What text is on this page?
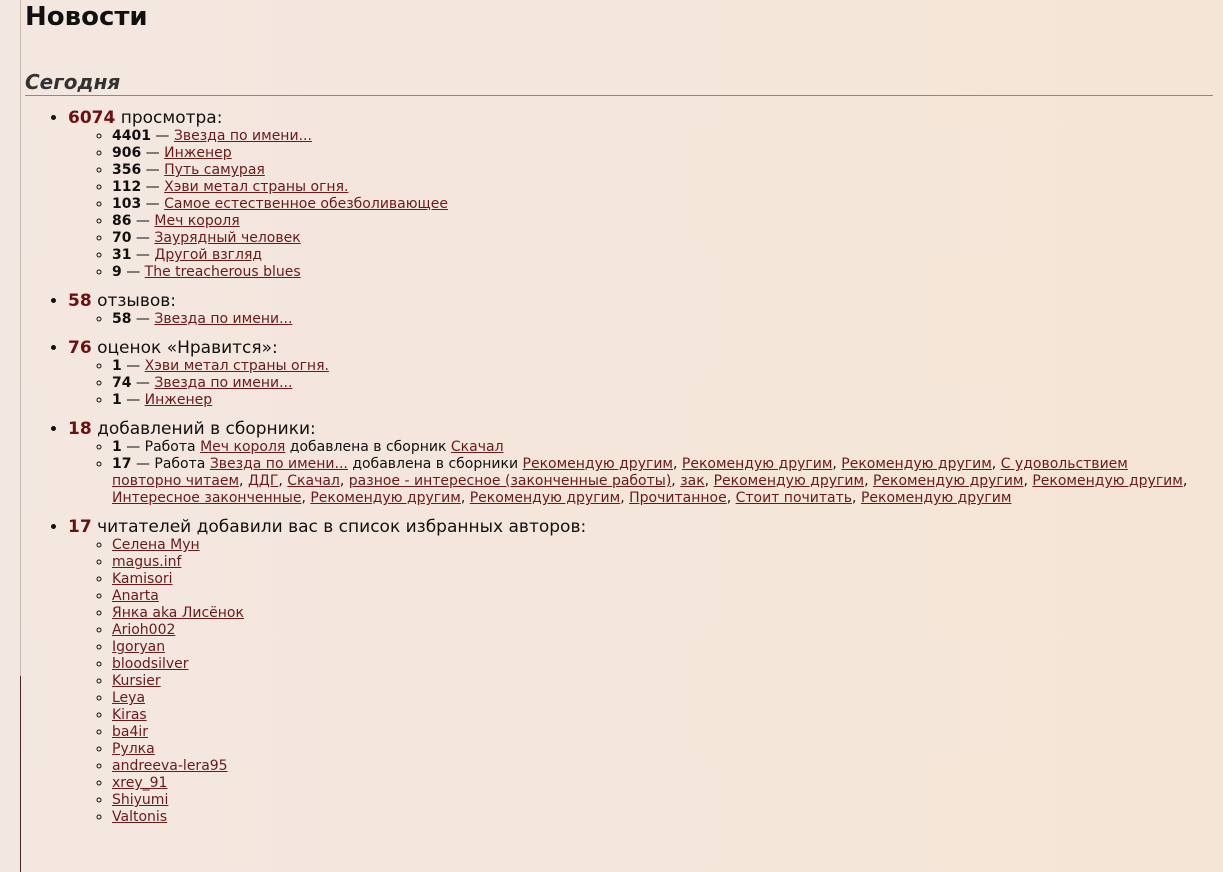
Новости
Сегодня
• 6074 просмотра:
◦ 4401 — Звезда по имени...
◦ 906 — Инженер
◦ 356 — Путь самурая
◦ 112 — Хэви метал страны огня.
◦ 103 — Самое естественное обезболивающее
◦ 86 — Меч короля
◦ 70 — Заурядный человек
◦ 31 — Другой взгляд
◦ 9 — The treacherous blues
• 58 отзывов:
◦ 58 — Звезда по имени...
• 76 оценок «Нравится»:
◦ 1 — Хэви метал страны огня.
◦ 74 — Звезда по имени...
◦ 1 — Инженер
• 18 добавлений в сборники:
◦ 1 — Работа Меч короля добавлена в сборник Скачал
◦ 17 — Работа Звезда по имени... добавлена в сборники Рекомендую другим, Рекомендую другим, Рекомендую другим, С удовольствием повторно читаем, ДДГ, Скачал, разное - интересное (законченные работы), зак, Рекомендую другим, Рекомендую другим, Рекомендую другим, Интересное законченные, Рекомендую другим, Рекомендую другим, Прочитанное, Стоит почитать, Рекомендую другим
• 17 читателей добавили вас в список избранных авторов:
◦ Селена Мун
◦ magus.inf
◦ Kamisori
◦ Anarta
◦ Янка aka Лисёнок
◦ Arioh002
◦ Igoryan
◦ bloodsilver
◦ Kursier
◦ Leya
◦ Kiras
◦ ba4ir
◦ Рулка
◦ andreeva-lera95
◦ xrey_91
◦ Shiyumi
◦ Valtonis
